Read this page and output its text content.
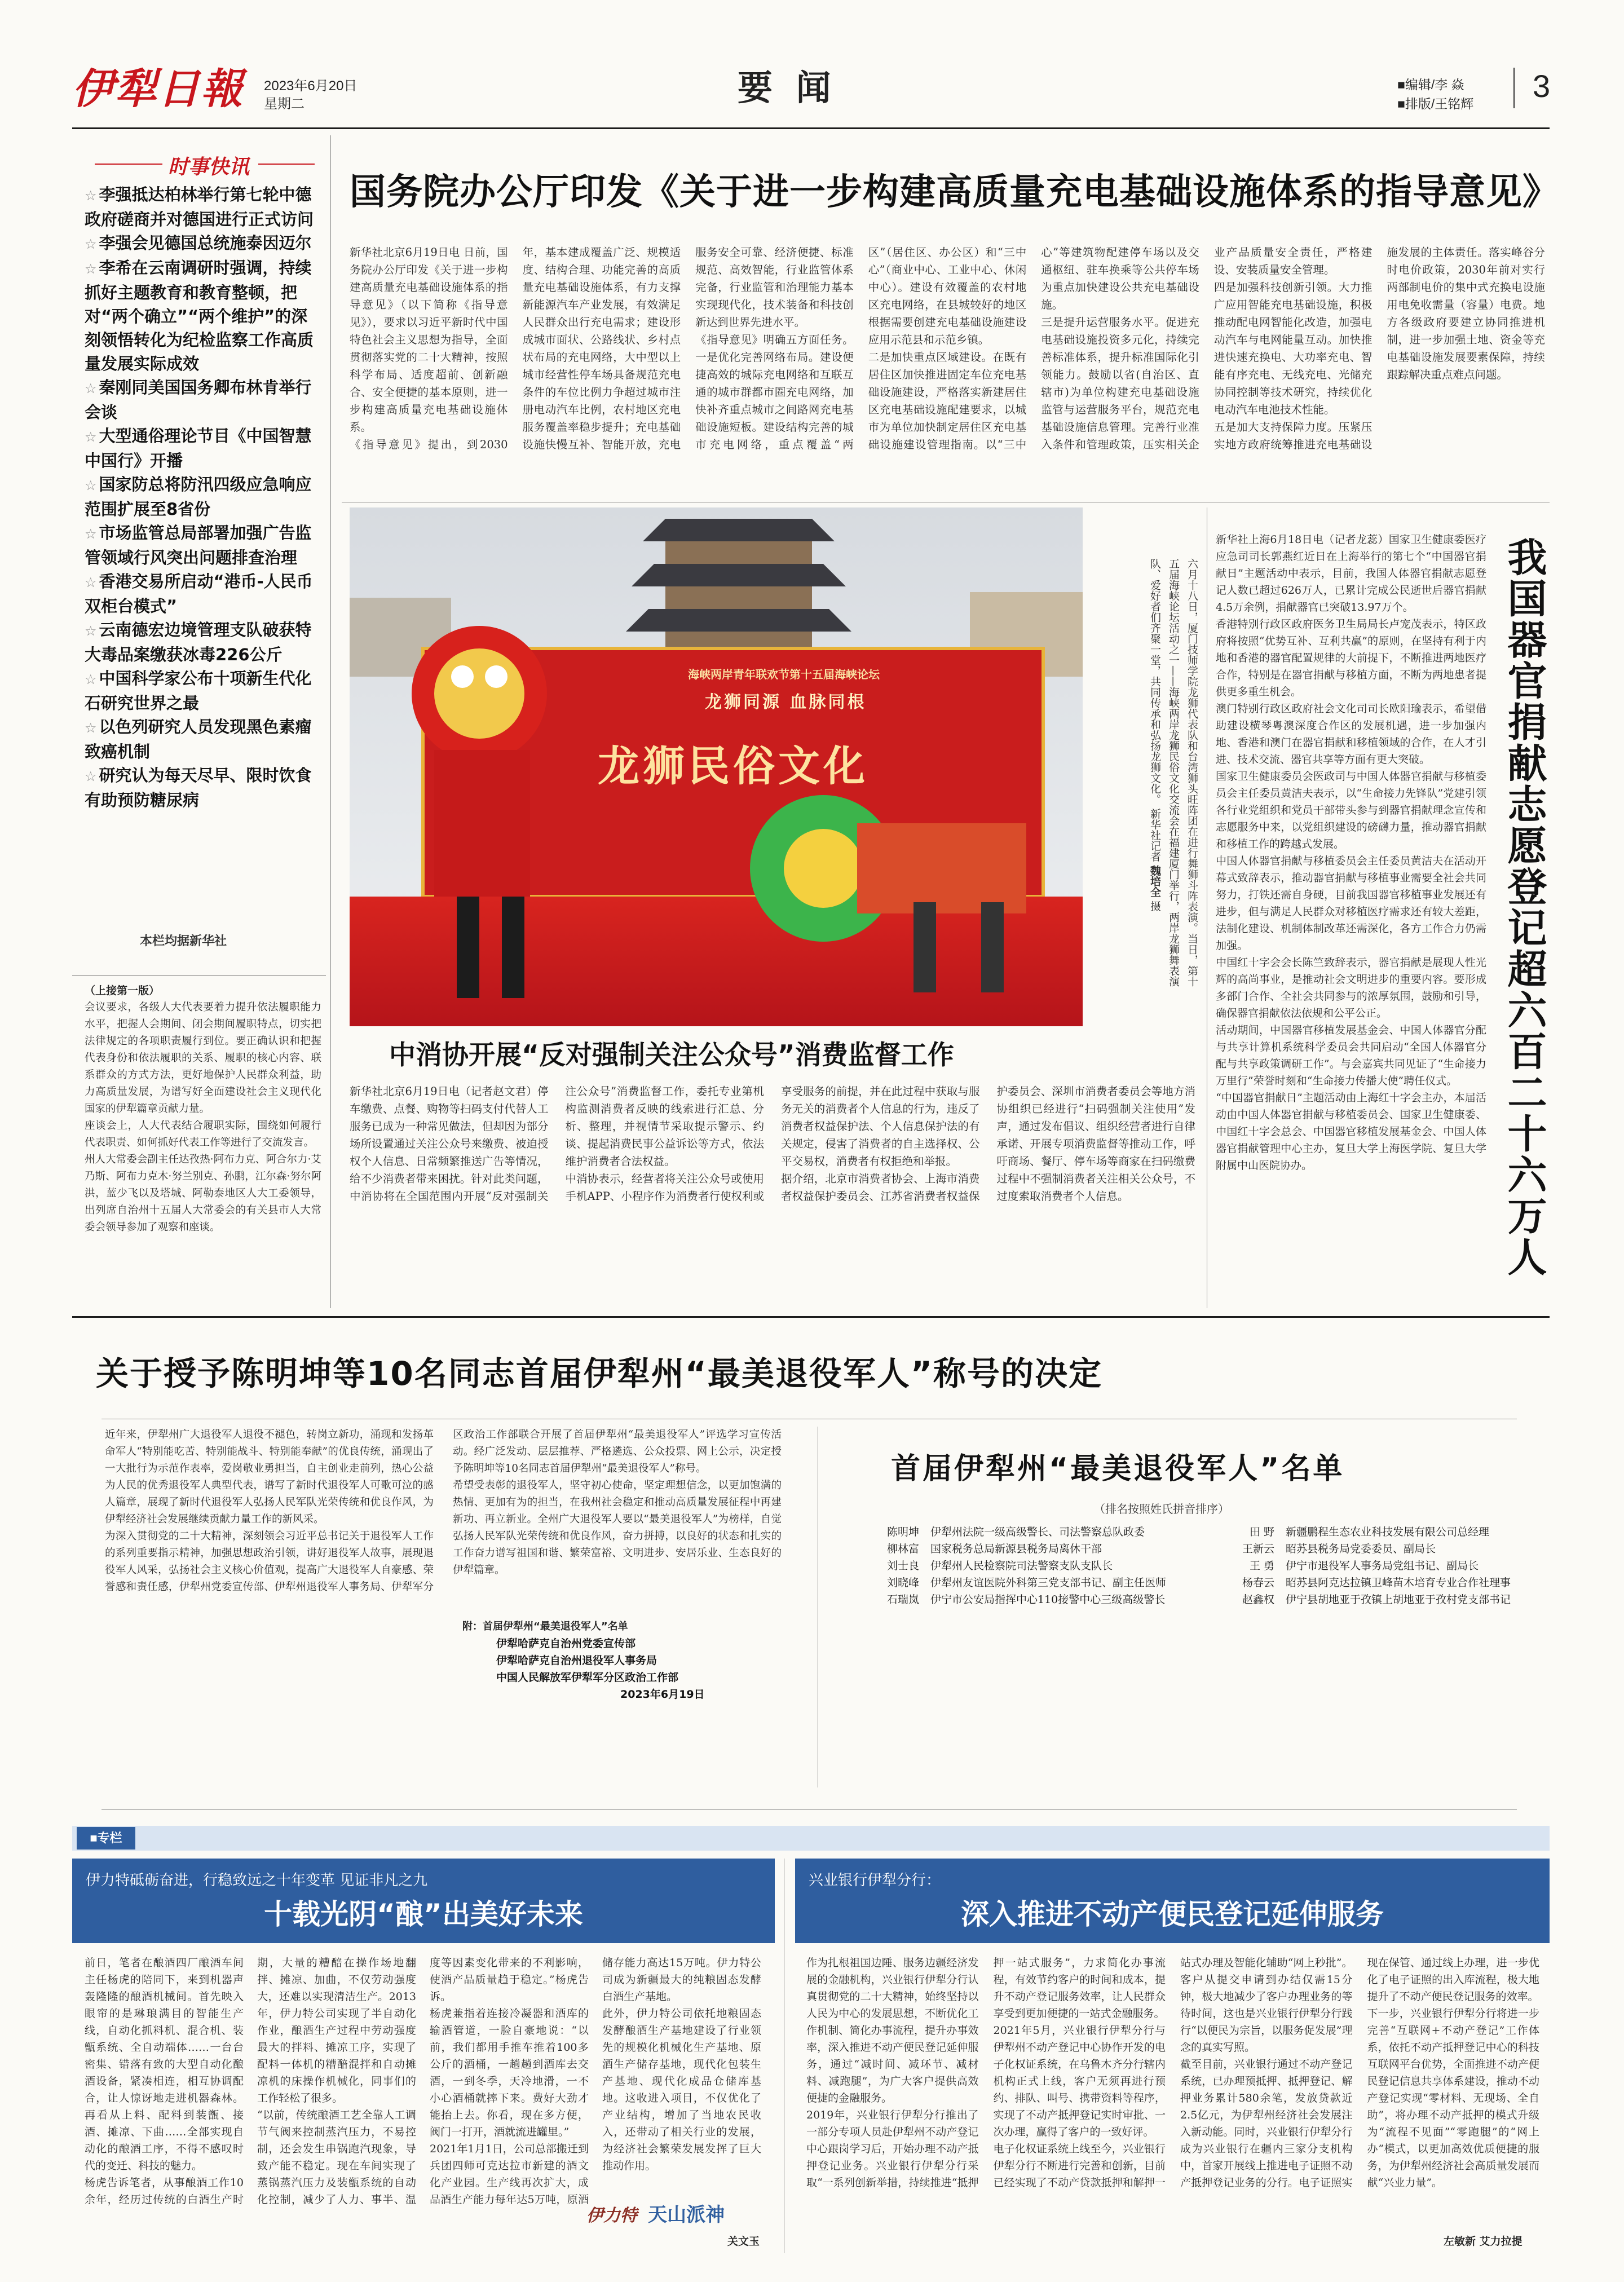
伊犁日報 2023年6月20日
星期二	要 闻	■编辑/李 焱
■排版/王铭辉 3
时事快讯
☆ 李强抵达柏林举行第七轮中德政府磋商并对德国进行正式访问
☆ 李强会见德国总统施泰因迈尔
☆ 李希在云南调研时强调，持续抓好主题教育和教育整顿，把对“两个确立”“两个维护”的深刻领悟转化为纪检监察工作高质量发展实际成效
☆ 秦刚同美国国务卿布林肯举行会谈
☆ 大型通俗理论节目《中国智慧中国行》开播
☆ 国家防总将防汛四级应急响应范围扩展至8省份
☆ 市场监管总局部署加强广告监管领域行风突出问题排查治理
☆ 香港交易所启动“港币-人民币双柜台模式”
☆ 云南德宏边境管理支队破获特大毒品案缴获冰毒226公斤
☆ 中国科学家公布十项新生代化石研究世界之最
☆ 以色列研究人员发现黑色素瘤致癌机制
☆ 研究认为每天尽早、限时饮食有助预防糖尿病
本栏均据新华社
（上接第一版）
会议要求，各级人大代表要着力提升依法履职能力水平，把握人会期间、闭会期间履职特点，切实把法律规定的各项职责履行到位。要正确认识和把握代表身份和依法履职的关系、履职的核心内容、联系群众的方式方法，更好地保护人民群众利益，助力高质量发展，为谱写好全面建设社会主义现代化国家的伊犁篇章贡献力量。
座谈会上，人大代表结合履职实际，围绕如何履行代表职责、如何抓好代表工作等进行了交流发言。
州人大常委会副主任达孜热·阿布力克、阿合尔力·艾乃斯、阿布力克木·努兰别克、孙鹏，江尔森·努尔阿洪，蓝少飞以及塔城、阿勒泰地区人大工委领导，出列席自治州十五届人大常委会的有关县市人大常委会领导参加了观察和座谈。
国务院办公厅印发《关于进一步构建高质量充电基础设施体系的指导意见》
新华社北京6月19日电 日前，国务院办公厅印发《关于进一步构建高质量充电基础设施体系的指导意见》（以下简称《指导意见》），要求以习近平新时代中国特色社会主义思想为指导，全面贯彻落实党的二十大精神，按照科学布局、适度超前、创新融合、安全便捷的基本原则，进一步构建高质量充电基础设施体系。
《指导意见》提出，到2030年，基本建成覆盖广泛、规模适度、结构合理、功能完善的高质量充电基础设施体系，有力支撑新能源汽车产业发展，有效满足人民群众出行充电需求；建设形成城市面状、公路线状、乡村点状布局的充电网络，大中型以上城市经营性停车场具备规范充电条件的车位比例力争超过城市注册电动汽车比例，农村地区充电服务覆盖率稳步提升；充电基础设施快慢互补、智能开放，充电服务安全可靠、经济便捷、标准规范、高效智能，行业监管体系完备，行业监管和治理能力基本实现现代化，技术装备和科技创新达到世界先进水平。
《指导意见》明确五方面任务。一是优化完善网络布局。建设便捷高效的城际充电网络和互联互通的城市群都市圈充电网络，加快补齐重点城市之间路网充电基础设施短板。建设结构完善的城市充电网络，重点覆盖“两区”（居住区、办公区）和“三中心”（商业中心、工业中心、休闲中心）。建设有效覆盖的农村地区充电网络，在县城较好的地区根据需要创建充电基础设施建设应用示范县和示范乡镇。
二是加快重点区域建设。在既有居住区加快推进固定车位充电基础设施建设，严格落实新建居住区充电基础设施配建要求，以城市为单位加快制定居住区充电基础设施建设管理指南。以“三中心”等建筑物配建停车场以及交通枢纽、驻车换乘等公共停车场为重点加快建设公共充电基础设施。
三是提升运营服务水平。促进充电基础设施投资多元化，持续完善标准体系，提升标准国际化引领能力。鼓励以省(自治区、直辖市)为单位构建充电基础设施监管与运营服务平台，规范充电基础设施信息管理。完善行业准入条件和管理政策，压实相关企业产品质量安全责任，严格建设、安装质量安全管理。
四是加强科技创新引领。大力推广应用智能充电基础设施，积极推动配电网智能化改造，加强电动汽车与电网能量互动。加快推进快速充换电、大功率充电、智能有序充电、无线充电、光储充协同控制等技术研究，持续优化电动汽车电池技术性能。
五是加大支持保障力度。压紧压实地方政府统筹推进充电基础设施发展的主体责任。落实峰谷分时电价政策，2030年前对实行两部制电价的集中式充换电设施用电免收需量（容量）电费。地方各级政府要建立协同推进机制，进一步加强土地、资金等充电基础设施发展要素保障，持续跟踪解决重点难点问题。
海峡两岸青年联欢节第十五届海峡论坛
龙狮同源 血脉同根
龙狮民俗文化	六月十八日，厦门技师学院龙狮代表队和台湾狮头旺阵团在进行舞狮斗阵表演。当日，第十五届海峡论坛活动之一——海峡两岸龙狮民俗文化交流会在福建厦门举行，两岸龙狮舞表演队、爱好者们齐聚一堂，共同传承和弘扬龙狮文化。 新华社记者 魏培全 摄
新华社上海6月18日电（记者龙蕊）国家卫生健康委医疗应急司司长郭燕红近日在上海举行的第七个“中国器官捐献日”主题活动中表示，目前，我国人体器官捐献志愿登记人数已超过626万人，已累计完成公民逝世后器官捐献4.5万余例，捐献器官已突破13.97万个。
香港特别行政区政府医务卫生局局长卢宠茂表示，特区政府将按照“优势互补、互利共赢”的原则，在坚持有利于内地和香港的器官配置规律的大前提下，不断推进两地医疗合作，特别是在器官捐献与移植方面，不断为两地患者提供更多重生机会。
澳门特别行政区政府社会文化司司长欧阳瑜表示，希望借助建设横琴粤澳深度合作区的发展机遇，进一步加强内地、香港和澳门在器官捐献和移植领域的合作，在人才引进、技术交流、器官共享等方面有更大突破。
国家卫生健康委员会医政司与中国人体器官捐献与移植委员会主任委员黄洁夫表示，以“生命接力先锋队”党建引领各行业党组织和党员干部带头参与到器官捐献理念宣传和志愿服务中来，以党组织建设的磅礴力量，推动器官捐献和移植工作的跨越式发展。
中国人体器官捐献与移植委员会主任委员黄洁夫在活动开幕式致辞表示，推动器官捐献与移植事业需要全社会共同努力，打铁还需自身硬，目前我国器官移植事业发展还有进步，但与满足人民群众对移植医疗需求还有较大差距，法制化建设、机制体制改革还需深化，各方工作合力仍需加强。
中国红十字会会长陈竺致辞表示，器官捐献是展现人性光辉的高尚事业，是推动社会文明进步的重要内容。要形成多部门合作、全社会共同参与的浓厚氛围，鼓励和引导，确保器官捐献依法依规和公平公正。
活动期间，中国器官移植发展基金会、中国人体器官分配与共享计算机系统科学委员会共同启动“全国人体器官分配与共享政策调研工作”。与会嘉宾共同见证了“生命接力万里行”荣誉时刻和“生命接力传播大使”聘任仪式。
“中国器官捐献日”主题活动由上海红十字会主办，本届活动由中国人体器官捐献与移植委员会、国家卫生健康委、中国红十字会总会、中国器官移植发展基金会、中国人体器官捐献管理中心主办，复旦大学上海医学院、复旦大学附属中山医院协办。	我国器官捐献志愿登记超六百二十六万人
中消协开展“反对强制关注公众号”消费监督工作
新华社北京6月19日电（记者赵文君）停车缴费、点餐、购物等扫码支付代替人工服务已成为一种常见做法，但却因为部分场所设置通过关注公众号来缴费、被迫授权个人信息、日常频繁推送广告等情况，给不少消费者带来困扰。针对此类问题，中消协将在全国范围内开展“反对强制关注公众号”消费监督工作，委托专业第机构监测消费者反映的线索进行汇总、分析、整理，并视情节采取提示警示、约谈、提起消费民事公益诉讼等方式，依法维护消费者合法权益。
中消协表示，经营者将关注公众号或使用手机APP、小程序作为消费者行使权利或享受服务的前提，并在此过程中获取与服务无关的消费者个人信息的行为，违反了消费者权益保护法、个人信息保护法的有关规定，侵害了消费者的自主选择权、公平交易权，消费者有权拒绝和举报。
据介绍，北京市消费者协会、上海市消费者权益保护委员会、江苏省消费者权益保护委员会、深圳市消费者委员会等地方消协组织已经进行“扫码强制关注使用”发声，通过发布倡议、组织经营者进行自律承诺、开展专项消费监督等推动工作，呼吁商场、餐厅、停车场等商家在扫码缴费过程中不强制消费者关注相关公众号，不过度索取消费者个人信息。
关于授予陈明坤等10名同志首届伊犁州“最美退役军人”称号的决定
近年来，伊犁州广大退役军人退役不褪色，转岗立新功，涌现和发扬革命军人“特别能吃苦、特别能战斗、特别能奉献”的优良传统，涌现出了一大批行为示范作表率，爱岗敬业勇担当，自主创业走前列，热心公益为人民的优秀退役军人典型代表，谱写了新时代退役军人可歌可泣的感人篇章，展现了新时代退役军人弘扬人民军队光荣传统和优良作风，为伊犁经济社会发展继续贡献力量工作的新风采。
为深入贯彻党的二十大精神，深刻领会习近平总书记关于退役军人工作的系列重要指示精神，加强思想政治引领，讲好退役军人故事，展现退役军人风采，弘扬社会主义核心价值观，提高广大退役军人自豪感、荣誉感和责任感，伊犁州党委宣传部、伊犁州退役军人事务局、伊犁军分区政治工作部联合开展了首届伊犁州“最美退役军人”评选学习宣传活动。经广泛发动、层层推荐、严格遴选、公众投票、网上公示，决定授予陈明坤等10名同志首届伊犁州“最美退役军人”称号。
希望受表彰的退役军人，坚守初心使命，坚定理想信念，以更加饱满的热情、更加有为的担当，在我州社会稳定和推动高质量发展征程中再建新功、再立新业。全州广大退役军人要以“最美退役军人”为榜样，自觉弘扬人民军队光荣传统和优良作风，奋力拼搏，以良好的状态和扎实的工作奋力谱写祖国和谐、繁荣富裕、文明进步、安居乐业、生态良好的伊犁篇章。
附：首届伊犁州“最美退役军人”名单
伊犁哈萨克自治州党委宣传部
伊犁哈萨克自治州退役军人事务局
中国人民解放军伊犁军分区政治工作部
2023年6月19日
首届伊犁州“最美退役军人”名单
（排名按照姓氏拼音排序）
陈明坤	伊犁州法院一级高级警长、司法警察总队政委
柳林富	国家税务总局新源县税务局离休干部
刘士良	伊犁州人民检察院司法警察支队支队长
刘晓峰	伊犁州友谊医院外科第三党支部书记、副主任医师
石瑞岚	伊宁市公安局指挥中心110接警中心三级高级警长
田 野	新疆鹏程生态农业科技发展有限公司总经理
王新云	昭苏县税务局党委委员、副局长
王 勇	伊宁市退役军人事务局党组书记、副局长
杨春云	昭苏县阿克达拉镇卫峰苗木培育专业合作社理事
赵鑫权	伊宁县胡地亚于孜镇上胡地亚于孜村党支部书记
■专栏
伊力特砥砺奋进，行稳致远之十年变革 见证非凡之九
十载光阴“酿”出美好未来
前日，笔者在酿酒四厂酿酒车间主任杨虎的陪同下，来到机器声轰隆隆的酿酒机械间。首先映入眼帘的是琳琅满目的智能生产线，自动化抓料机、混合机、装甑系统、全自动端体……一台台密集、错落有致的大型自动化酿酒设备，紧凑相连，相互协调配合，让人惊讶地走进机器森林。再看从上料、配料到装甑、接酒、摊凉、下曲……全部实现自动化的酿酒工序，不得不感叹时代的变迁、科技的魅力。
杨虎告诉笔者，从事酿酒工作10余年，经历过传统的白酒生产时期，大量的糟醅在操作场地翻拌、摊凉、加曲，不仅劳动强度大，还难以实现清洁生产。2013年，伊力特公司实现了半自动化作业，酿酒生产过程中劳动强度最大的拌料、摊凉工序，实现了配料一体机的糟醅混拌和自动摊凉机的床操作机械化，同事们的工作轻松了很多。
“以前，传统酿酒工艺全靠人工调节气阀来控制蒸汽压力，不易控制，还会发生串锅跑汽现象，导致产能不稳定。现在车间实现了蒸锅蒸汽压力及装甑系统的自动化控制，减少了人力、事半、温度等因素变化带来的不利影响，使酒产品质量趋于稳定。”杨虎告诉。
杨虎兼指着连接冷凝器和酒库的输酒管道，一脸自豪地说：“以前，我们都用手推车推着100多公斤的酒桶，一趟趟到酒库去交酒，一到冬季，天冷地滑，一不小心酒桶就摔下来。费好大劲才能抬上去。你看，现在多方便，阀门一打开，酒就流进罐里。”
2021年1月1日，公司总部搬迁到兵团四师可克达拉市新建的酒文化产业园。生产线再次扩大，成品酒生产能力每年达5万吨，原酒储存能力高达15万吨。伊力特公司成为新疆最大的纯粮固态发酵白酒生产基地。
此外，伊力特公司依托地粮固态发酵酿酒生产基地建设了行业领先的规模化机械化生产基地、原酒生产储存基地，现代化包装生产基地、现代化成品仓储库基地。这收进入项目，不仅优化了产业结构，增加了当地农民收入，还带动了相关行业的发展，为经济社会繁荣发展发挥了巨大推动作用。
关文玉
伊力特 天山派神
兴业银行伊犁分行：
深入推进不动产便民登记延伸服务
作为扎根祖国边陲、服务边疆经济发展的金融机构，兴业银行伊犁分行认真贯彻党的二十大精神，始终坚持以人民为中心的发展思想，不断优化工作机制、简化办事流程，提升办事效率，深入推进不动产便民登记延伸服务，通过“减时间、减环节、减材料、减跑腿”，为广大客户提供高效便捷的金融服务。
2019年，兴业银行伊犁分行推出了一部分专项人员赴伊犁州不动产登记中心跟岗学习后，开始办理不动产抵押登记业务。兴业银行伊犁分行采取“一系列创新举措，持续推进“抵押押一站式服务”，力求简化办事流程，有效节约客户的时间和成本，提升不动产登记服务效率，让人民群众享受到更加便捷的一站式金融服务。
2021年5月，兴业银行伊犁分行与伊犁州不动产登记中心协作开发的电子化权证系统，在乌鲁木齐分行辖内机构正式上线，客户无须再进行预约、排队、叫号、携带资料等程序，实现了不动产抵押登记实时审批、一次办理，赢得了客户的一致好评。
电子化权证系统上线至今，兴业银行伊犁分行不断进行完善和创新，目前已经实现了不动产贷款抵押和解押一站式办理及智能化辅助“网上秒批”。客户从提交申请到办结仅需15分钟，极大地减少了客户办理业务的等待时间，这也是兴业银行伊犁分行践行“以便民为宗旨，以服务促发展”理念的真实写照。
截至目前，兴业银行通过不动产登记系统，已办理预抵押、抵押登记、解押业务累计580余笔，发放贷款近2.5亿元，为伊犁州经济社会发展注入新动能。同时，兴业银行伊犁分行成为兴业银行在疆内三家分支机构中，首家开展线上推进电子证照不动产抵押登记业务的分行。电子证照实现在保管、通过线上办理，进一步优化了电子证照的出入库流程，极大地提升了不动产便民登记服务的效率。
下一步，兴业银行伊犁分行将进一步完善“互联网+不动产登记”工作体系，依托不动产抵押登记中心的科技互联网平台优势，全面推进不动产便民登记信息共享体系建设，推动不动产登记实现“零材料、无现场、全自助”，将办理不动产抵押的模式升级为“流程不见面”“零跑腿”的“网上办”模式，以更加高效优质便捷的服务，为伊犁州经济社会高质量发展而献“兴业力量”。
左敏新 艾力拉提
